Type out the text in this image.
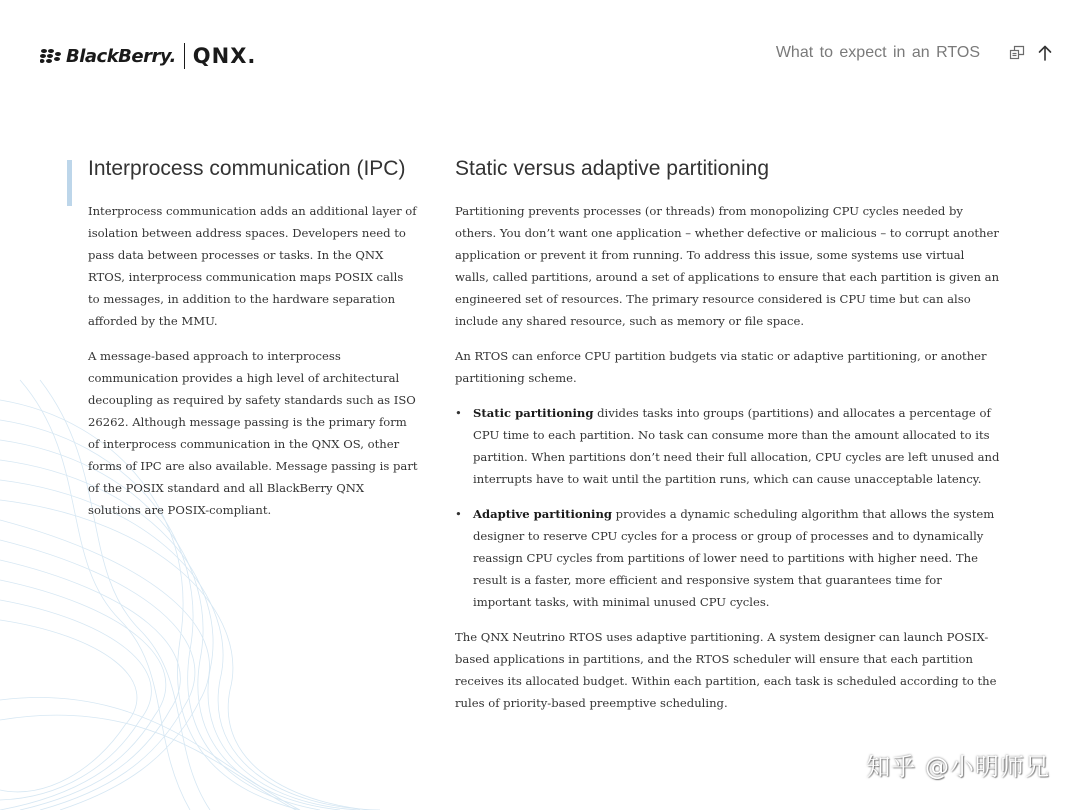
BlackBerry. QNX.	What to expect in an RTOS
Interprocess communication (IPC)

Interprocess communication adds an additional layer of isolation between address spaces. Developers need to pass data between processes or tasks. In the QNX RTOS, interprocess communication maps POSIX calls to messages, in addition to the hardware separation afforded by the MMU.

A message-based approach to interprocess communication provides a high level of architectural decoupling as required by safety standards such as ISO 26262. Although message passing is the primary form of interprocess communication in the QNX OS, other forms of IPC are also available. Message passing is part of the POSIX standard and all BlackBerry QNX solutions are POSIX-compliant.

Static versus adaptive partitioning

Partitioning prevents processes (or threads) from monopolizing CPU cycles needed by others. You don’t want one application – whether defective or malicious – to corrupt another application or prevent it from running. To address this issue, some systems use virtual walls, called partitions, around a set of applications to ensure that each partition is given an engineered set of resources. The primary resource considered is CPU time but can also include any shared resource, such as memory or file space.

An RTOS can enforce CPU partition budgets via static or adaptive partitioning, or another partitioning scheme.

• Static partitioning divides tasks into groups (partitions) and allocates a percentage of CPU time to each partition. No task can consume more than the amount allocated to its partition. When partitions don’t need their full allocation, CPU cycles are left unused and interrupts have to wait until the partition runs, which can cause unacceptable latency.
• Adaptive partitioning provides a dynamic scheduling algorithm that allows the system designer to reserve CPU cycles for a process or group of processes and to dynamically reassign CPU cycles from partitions of lower need to partitions with higher need. The result is a faster, more efficient and responsive system that guarantees time for important tasks, with minimal unused CPU cycles.

The QNX Neutrino RTOS uses adaptive partitioning. A system designer can launch POSIX-based applications in partitions, and the RTOS scheduler will ensure that each partition receives its allocated budget. Within each partition, each task is scheduled according to the rules of priority-based preemptive scheduling.

知乎 @小明师兄
